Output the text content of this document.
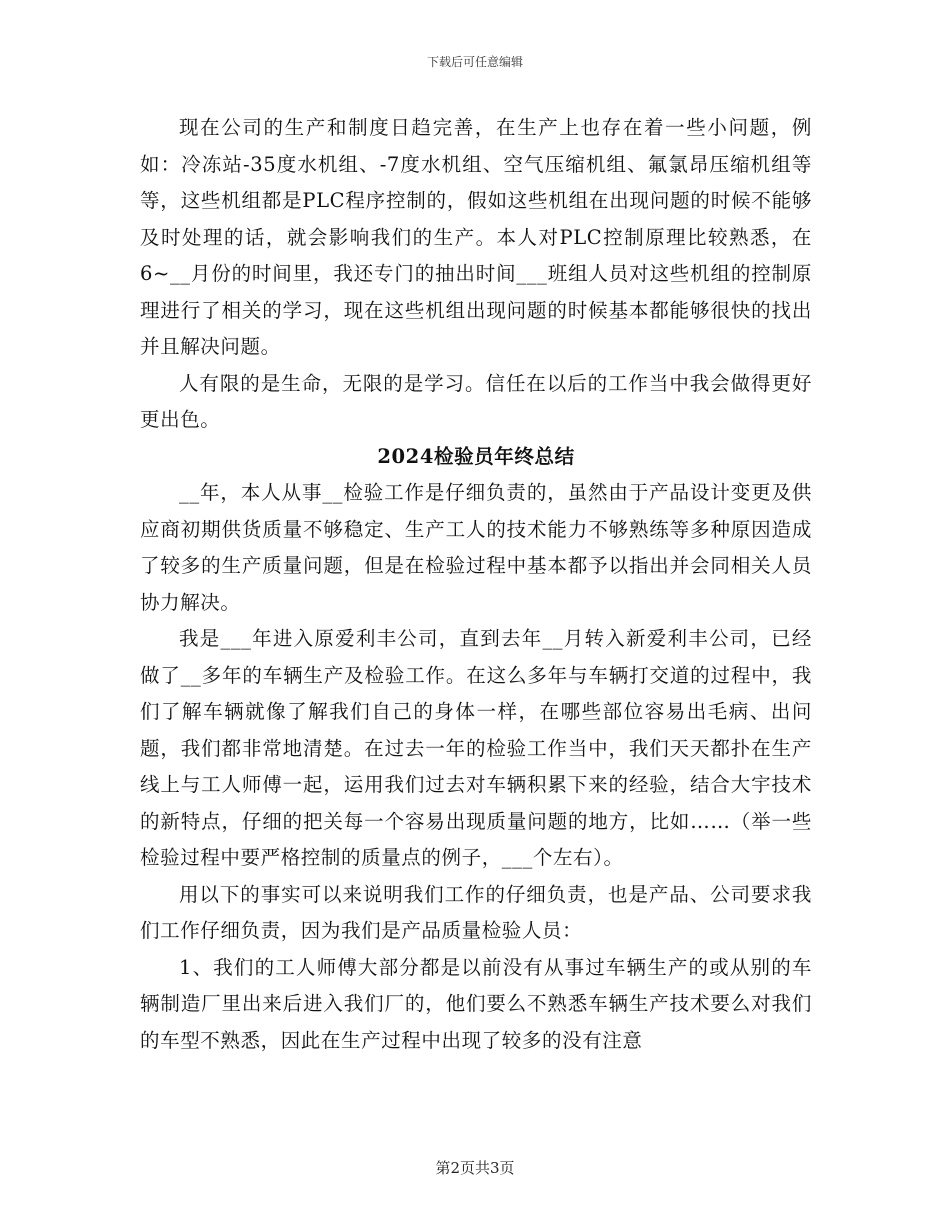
下载后可任意编辑

现在公司的生产和制度日趋完善，在生产上也存在着一些小问题，例如：冷冻站-35度水机组、-7度水机组、空气压缩机组、氟氯昂压缩机组等等，这些机组都是PLC程序控制的，假如这些机组在出现问题的时候不能够及时处理的话，就会影响我们的生产。本人对PLC控制原理比较熟悉，在6~__月份的时间里，我还专门的抽出时间___班组人员对这些机组的控制原理进行了相关的学习，现在这些机组出现问题的时候基本都能够很快的找出并且解决问题。

人有限的是生命，无限的是学习。信任在以后的工作当中我会做得更好更出色。

2024检验员年终总结

__年，本人从事__检验工作是仔细负责的，虽然由于产品设计变更及供应商初期供货质量不够稳定、生产工人的技术能力不够熟练等多种原因造成了较多的生产质量问题，但是在检验过程中基本都予以指出并会同相关人员协力解决。

我是___年进入原爱利丰公司，直到去年__月转入新爱利丰公司，已经做了__多年的车辆生产及检验工作。在这么多年与车辆打交道的过程中，我们了解车辆就像了解我们自己的身体一样，在哪些部位容易出毛病、出问题，我们都非常地清楚。在过去一年的检验工作当中，我们天天都扑在生产线上与工人师傅一起，运用我们过去对车辆积累下来的经验，结合大宇技术的新特点，仔细的把关每一个容易出现质量问题的地方，比如……（举一些检验过程中要严格控制的质量点的例子，___个左右）。

用以下的事实可以来说明我们工作的仔细负责，也是产品、公司要求我们工作仔细负责，因为我们是产品质量检验人员：

1、我们的工人师傅大部分都是以前没有从事过车辆生产的或从别的车辆制造厂里出来后进入我们厂的，他们要么不熟悉车辆生产技术要么对我们的车型不熟悉，因此在生产过程中出现了较多的没有注意

第2页共3页
